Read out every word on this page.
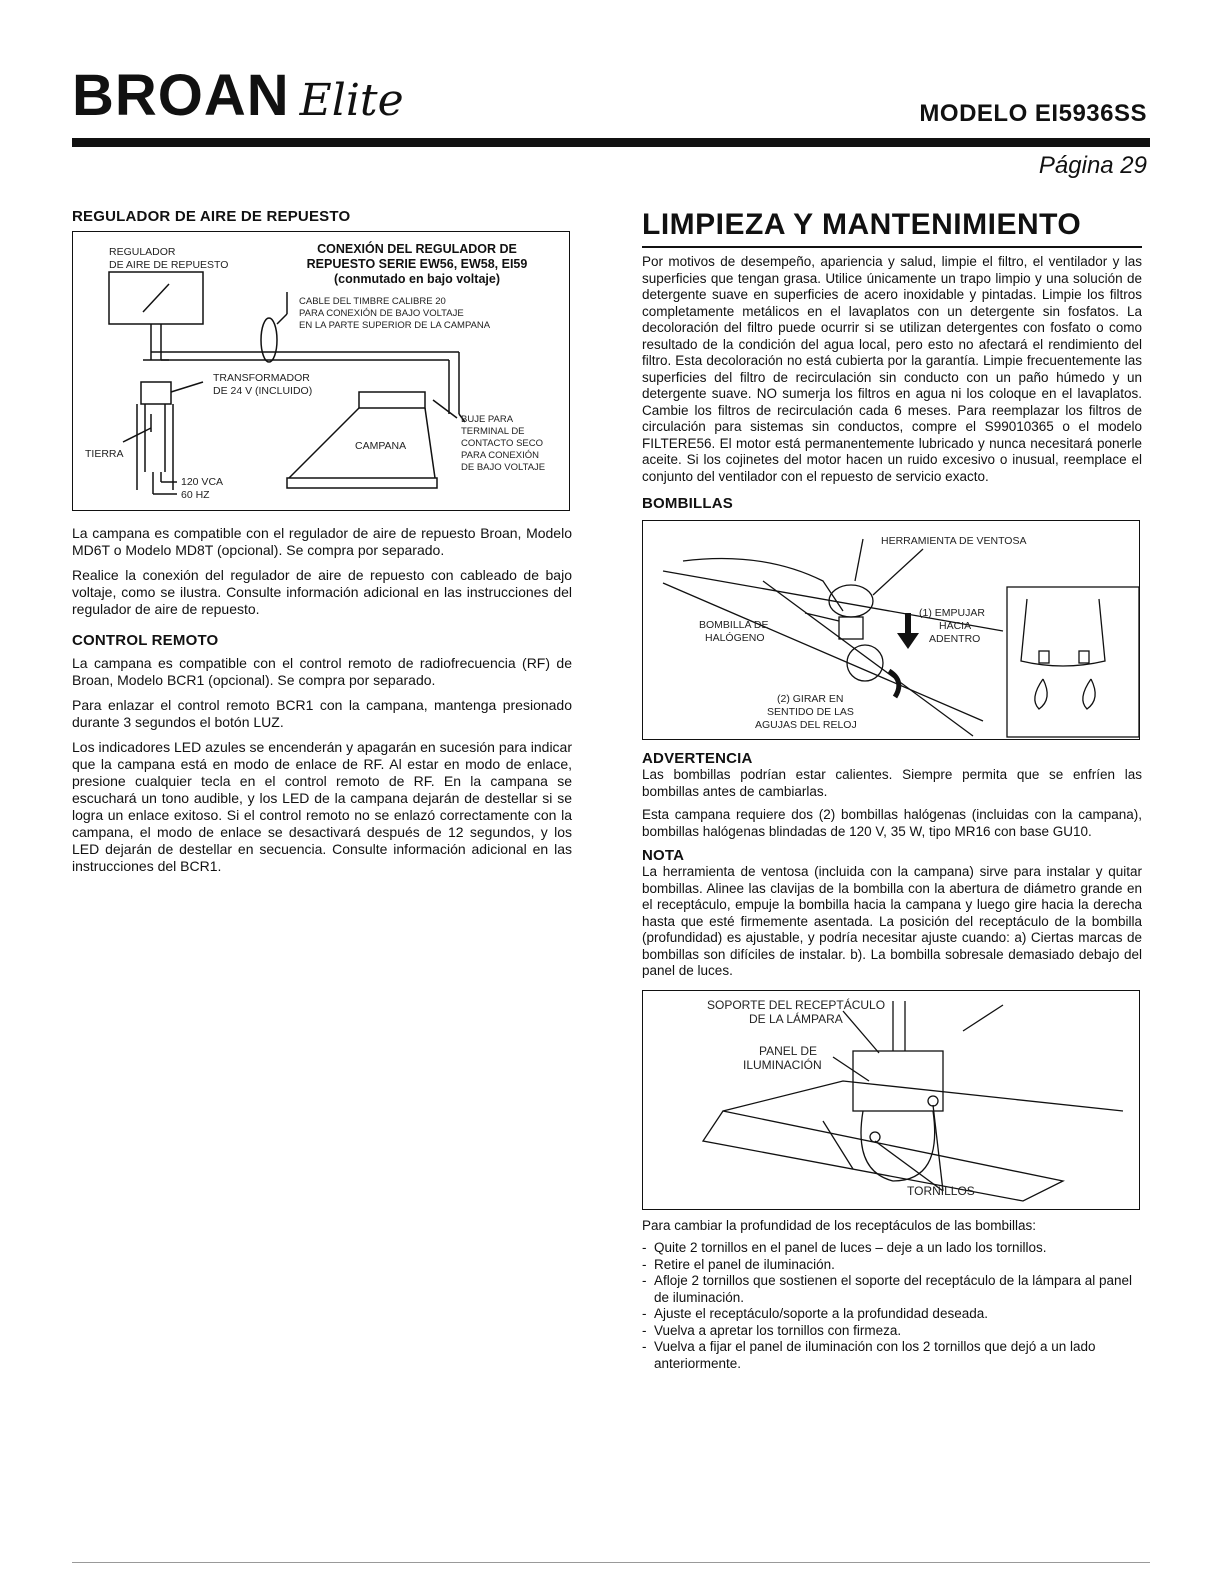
BROAN Elite	MODELO EI5936SS
Página 29
REGULADOR DE AIRE DE REPUESTO
REGULADOR
DE AIRE DE REPUESTO
CONEXIÓN DEL REGULADOR DE
REPUESTO SERIE EW56, EW58, EI59
(conmutado en bajo voltaje)
CABLE DEL TIMBRE CALIBRE 20
PARA CONEXIÓN DE BAJO VOLTAJE
EN LA PARTE SUPERIOR DE LA CAMPANA
TRANSFORMADOR
DE 24 V (INCLUIDO)
CAMPANA
BUJE PARA
TERMINAL DE
CONTACTO SECO
PARA CONEXIÓN
DE BAJO VOLTAJE
TIERRA
120 VCA
60 HZ

La campana es compatible con el regulador de aire de repuesto Broan, Modelo MD6T o Modelo MD8T (opcional). Se compra por separado.

Realice la conexión del regulador de aire de repuesto con cableado de bajo voltaje, como se ilustra. Consulte información adicional en las instrucciones del regulador de aire de repuesto.

CONTROL REMOTO

La campana es compatible con el control remoto de radiofrecuencia (RF) de Broan, Modelo BCR1 (opcional). Se compra por separado.

Para enlazar el control remoto BCR1 con la campana, mantenga presionado durante 3 segundos el botón LUZ.

Los indicadores LED azules se encenderán y apagarán en sucesión para indicar que la campana está en modo de enlace de RF. Al estar en modo de enlace, presione cualquier tecla en el control remoto de RF. En la campana se escuchará un tono audible, y los LED de la campana dejarán de destellar si se logra un enlace exitoso. Si el control remoto no se enlazó correctamente con la campana, el modo de enlace se desactivará después de 12 segundos, y los LED dejarán de destellar en secuencia. Consulte información adicional en las instrucciones del BCR1.

LIMPIEZA Y MANTENIMIENTO

Por motivos de desempeño, apariencia y salud, limpie el filtro, el ventilador y las superficies que tengan grasa. Utilice únicamente un trapo limpio y una solución de detergente suave en superficies de acero inoxidable y pintadas. Limpie los filtros completamente metálicos en el lavaplatos con un detergente sin fosfatos. La decoloración del filtro puede ocurrir si se utilizan detergentes con fosfato o como resultado de la condición del agua local, pero esto no afectará el rendimiento del filtro. Esta decoloración no está cubierta por la garantía. Limpie frecuentemente las superficies del filtro de recirculación sin conducto con un paño húmedo y un detergente suave. NO sumerja los filtros en agua ni los coloque en el lavaplatos. Cambie los filtros de recirculación cada 6 meses. Para reemplazar los filtros de circulación para sistemas sin conductos, compre el S99010365 o el modelo FILTERE56. El motor está permanentemente lubricado y nunca necesitará ponerle aceite. Si los cojinetes del motor hacen un ruido excesivo o inusual, reemplace el conjunto del ventilador con el repuesto de servicio exacto.

BOMBILLAS
HERRAMIENTA DE VENTOSA
BOMBILLA DE
HALÓGENO
(1) EMPUJAR
HACIA
ADENTRO
(2) GIRAR EN
SENTIDO DE LAS
AGUJAS DEL RELOJ
ADVERTENCIA

Las bombillas podrían estar calientes. Siempre permita que se enfríen las bombillas antes de cambiarlas.

Esta campana requiere dos (2) bombillas halógenas (incluidas con la campana), bombillas halógenas blindadas de 120 V, 35 W, tipo MR16 con base GU10.

NOTA

La herramienta de ventosa (incluida con la campana) sirve para instalar y quitar bombillas. Alinee las clavijas de la bombilla con la abertura de diámetro grande en el receptáculo, empuje la bombilla hacia la campana y luego gire hacia la derecha hasta que esté firmemente asentada. La posición del receptáculo de la bombilla (profundidad) es ajustable, y podría necesitar ajuste cuando: a) Ciertas marcas de bombillas son difíciles de instalar. b). La bombilla sobresale demasiado debajo del panel de luces.

SOPORTE DEL RECEPTÁCULO
DE LA LÁMPARA
PANEL DE
ILUMINACIÓN
TORNILLOS

Para cambiar la profundidad de los receptáculos de las bombillas:

- Quite 2 tornillos en el panel de luces – deje a un lado los tornillos.
- Retire el panel de iluminación.
- Afloje 2 tornillos que sostienen el soporte del receptáculo de la lámpara al panel de iluminación.
- Ajuste el receptáculo/soporte a la profundidad deseada.
- Vuelva a apretar los tornillos con firmeza.
- Vuelva a fijar el panel de iluminación con los 2 tornillos que dejó a un lado anteriormente.
